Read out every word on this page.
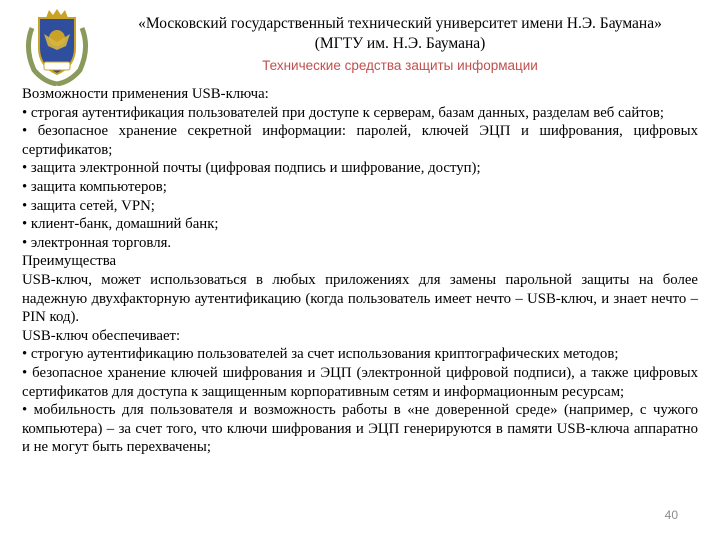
«Московский государственный технический университет имени Н.Э. Баумана»
(МГТУ им. Н.Э. Баумана)
Технические средства защиты информации

Возможности применения USB-ключа:

• строгая аутентификация пользователей при доступе к серверам, базам данных, разделам веб сайтов;

• безопасное хранение секретной информации: паролей, ключей ЭЦП и шифрования, цифровых сертификатов;

• защита электронной почты (цифровая подпись и шифрование, доступ);

• защита компьютеров;

• защита сетей, VPN;

• клиент-банк, домашний банк;

• электронная торговля.

Преимущества

USB-ключ, может использоваться в любых приложениях для замены парольной защиты на более надежную двухфакторную аутентификацию (когда пользователь имеет нечто – USB-ключ, и знает нечто – PIN код).

USB-ключ обеспечивает:

• строгую аутентификацию пользователей за счет использования криптографических методов;

• безопасное хранение ключей шифрования и ЭЦП (электронной цифровой подписи), а также цифровых сертификатов для доступа к защищенным корпоративным сетям и информационным ресурсам;

• мобильность для пользователя и возможность работы в «не доверенной среде» (например, с чужого компьютера) – за счет того, что ключи шифрования и ЭЦП генерируются в памяти USB-ключа аппаратно и не могут быть перехвачены;

40
